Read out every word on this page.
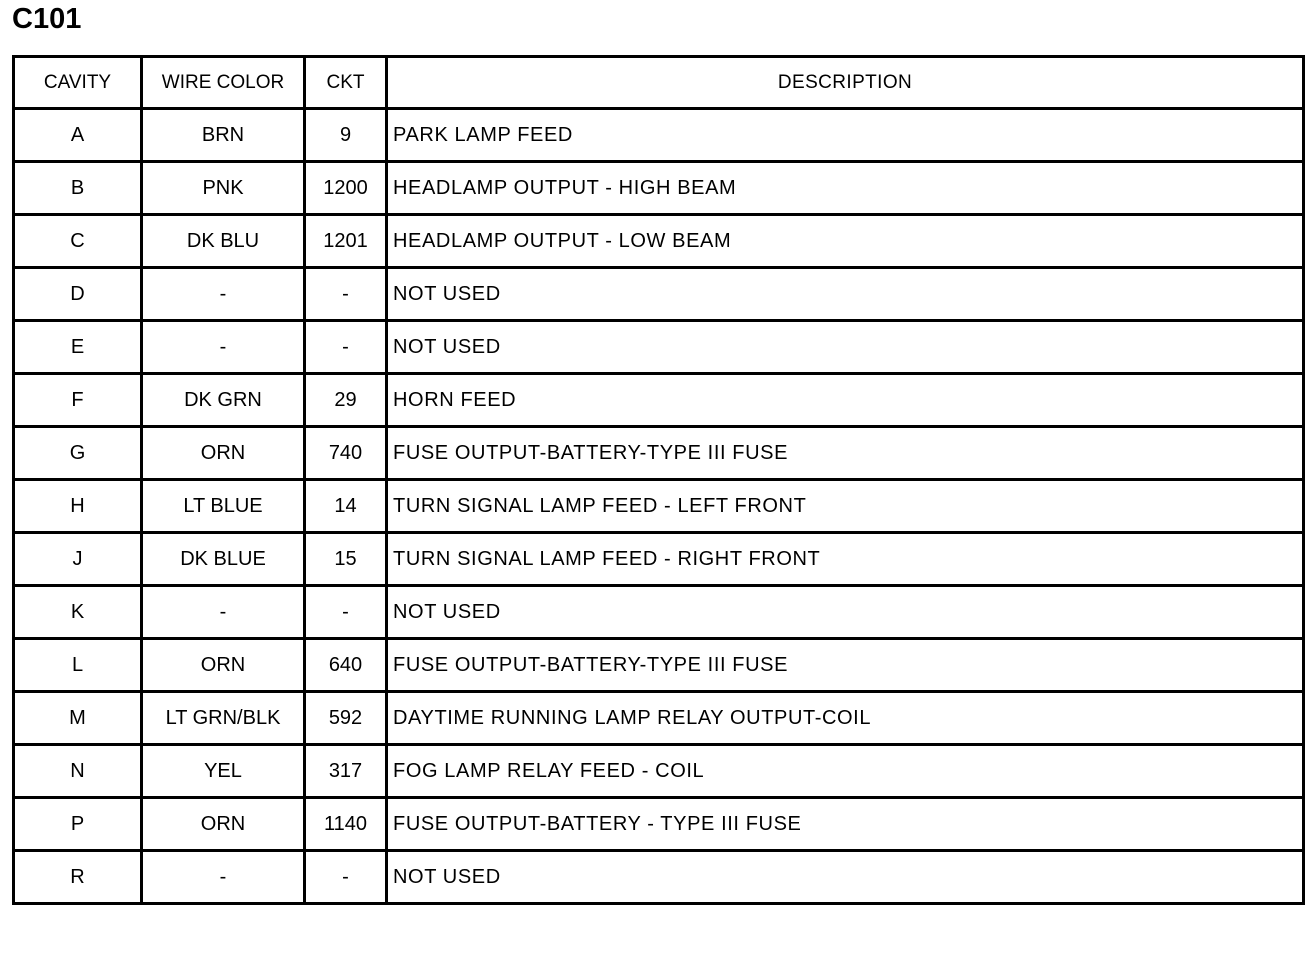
C101
CAVITY	WIRE COLOR	CKT	DESCRIPTION
A	BRN	9	PARK LAMP FEED
B	PNK	1200	HEADLAMP OUTPUT - HIGH BEAM
C	DK BLU	1201	HEADLAMP OUTPUT - LOW BEAM
D	-	-	NOT USED
E	-	-	NOT USED
F	DK GRN	29	HORN FEED
G	ORN	740	FUSE OUTPUT-BATTERY-TYPE III FUSE
H	LT BLUE	14	TURN SIGNAL LAMP FEED - LEFT FRONT
J	DK BLUE	15	TURN SIGNAL LAMP FEED - RIGHT FRONT
K	-	-	NOT USED
L	ORN	640	FUSE OUTPUT-BATTERY-TYPE III FUSE
M	LT GRN/BLK	592	DAYTIME RUNNING LAMP RELAY OUTPUT-COIL
N	YEL	317	FOG LAMP RELAY FEED - COIL
P	ORN	1140	FUSE OUTPUT-BATTERY - TYPE III FUSE
R	-	-	NOT USED
